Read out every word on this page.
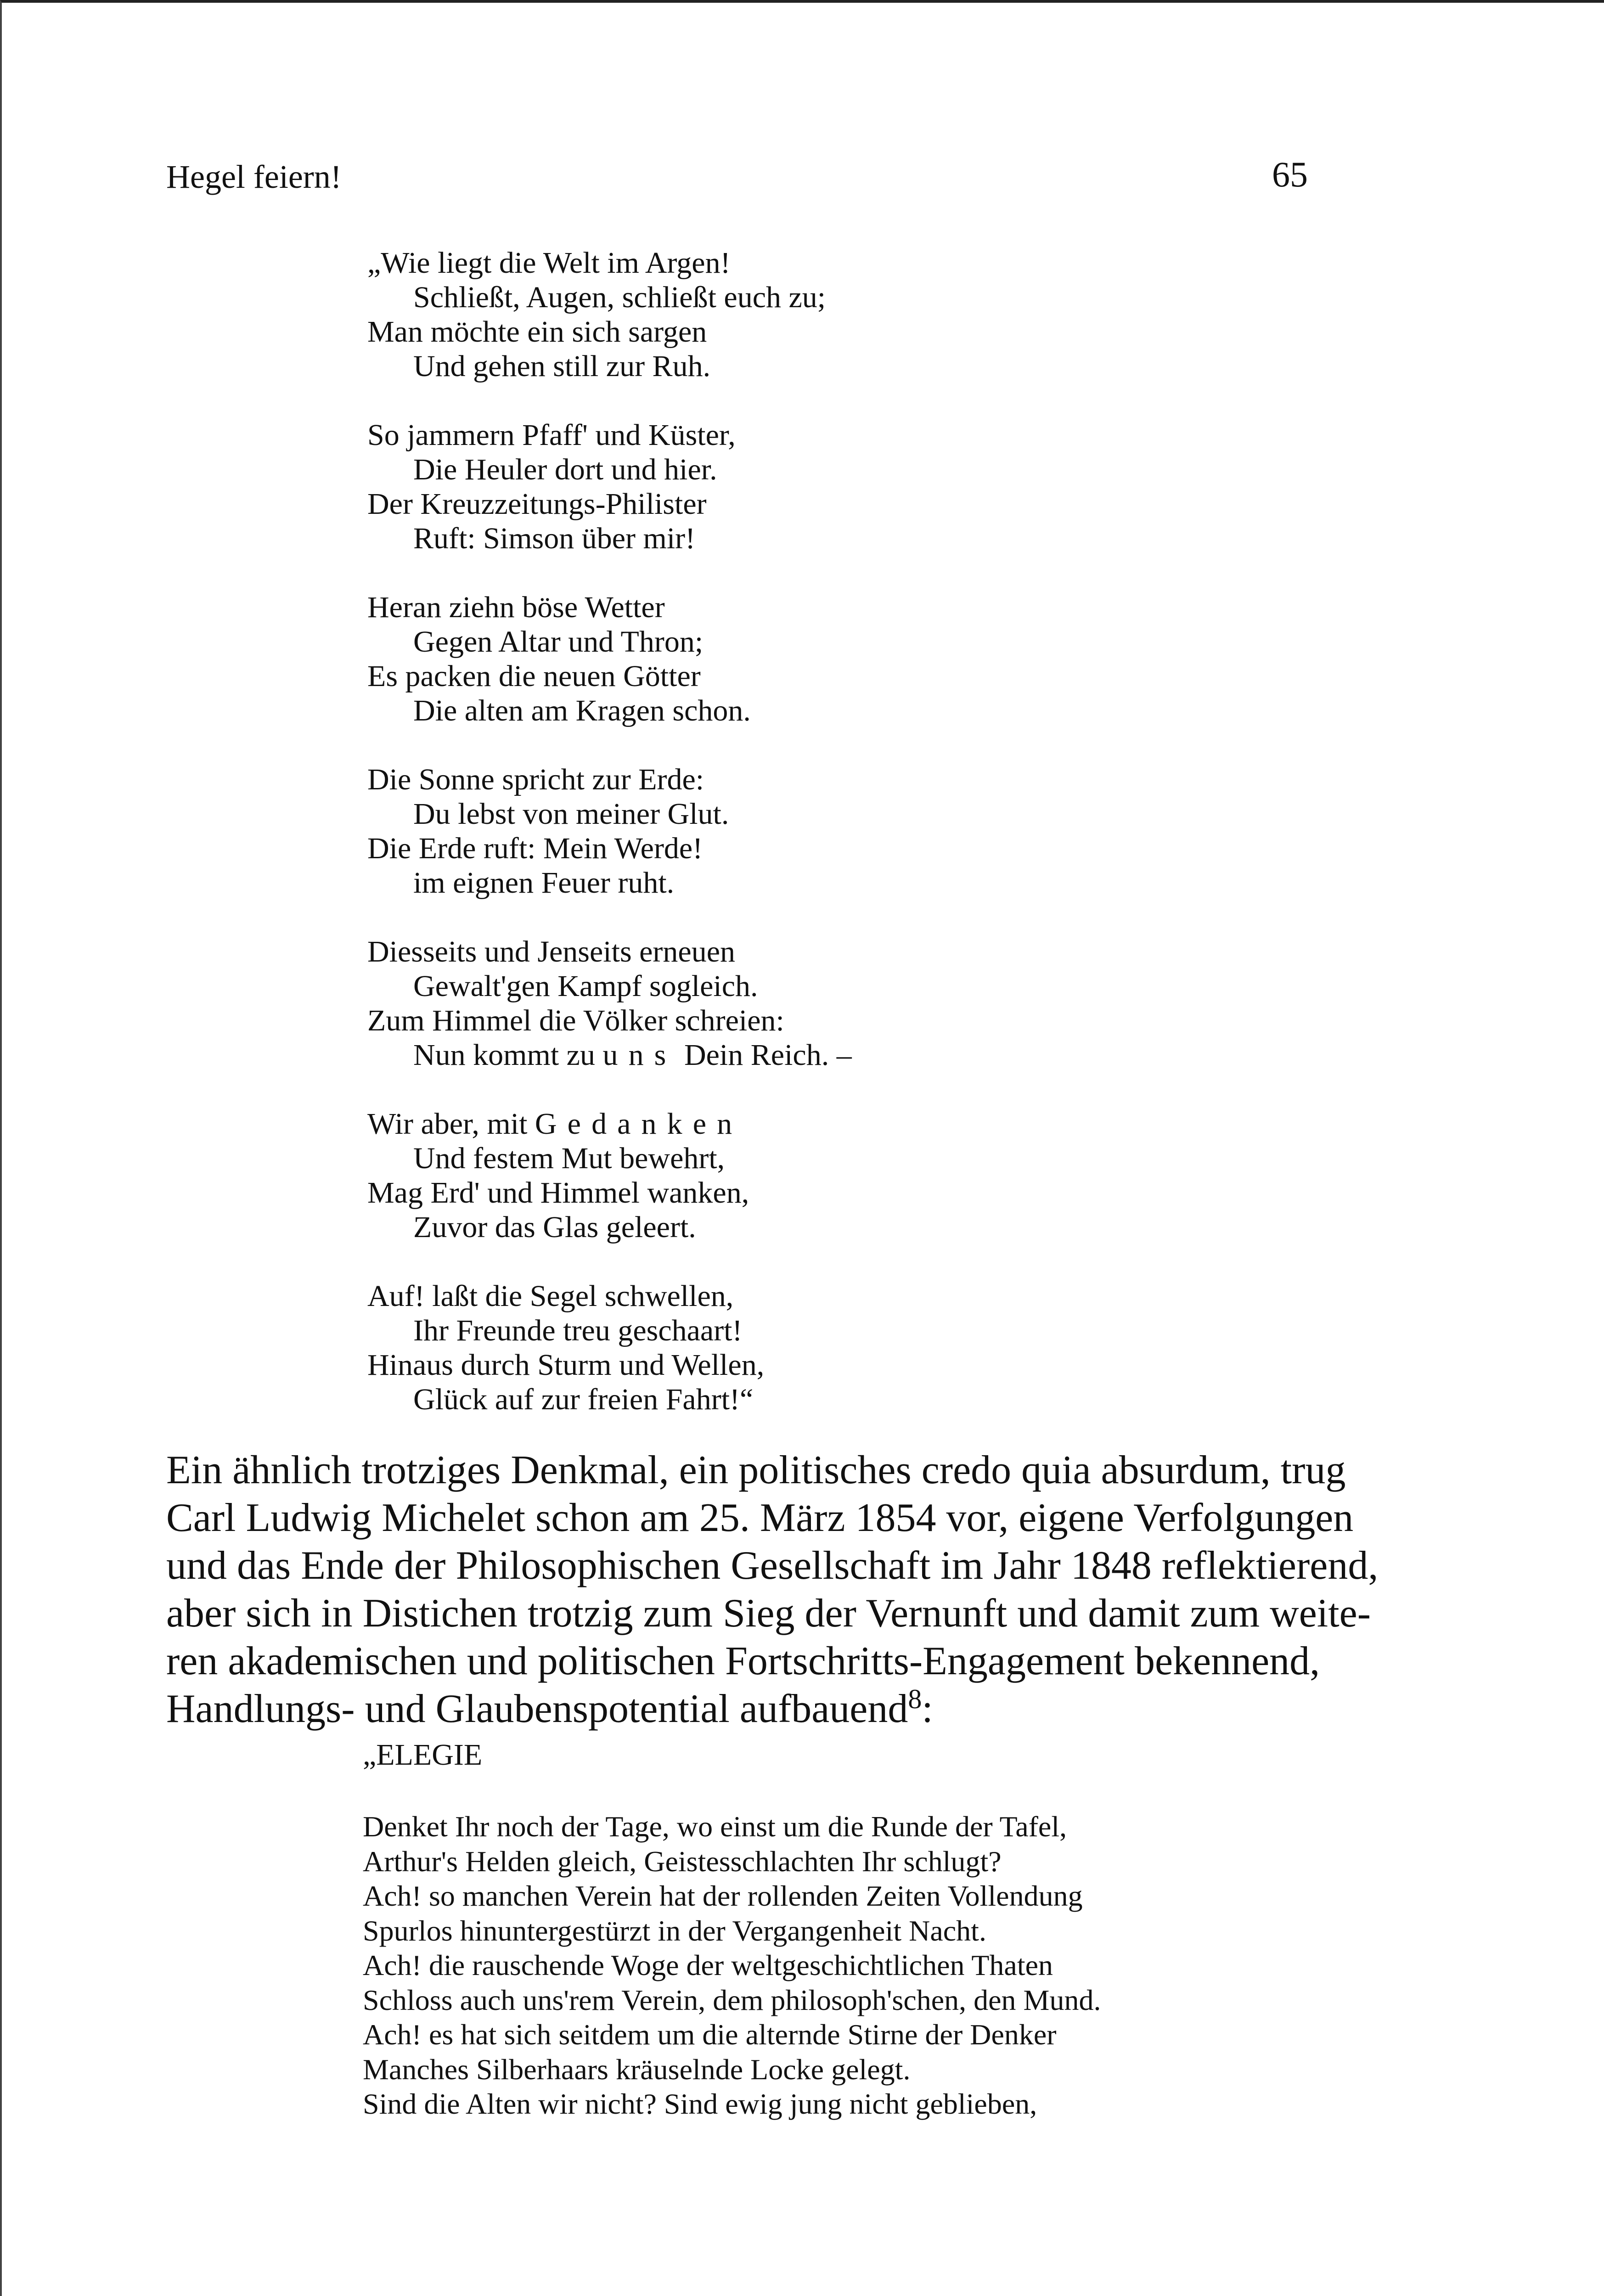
Hegel feiern!	65
„Wie liegt die Welt im Argen!
Schließt, Augen, schließt euch zu;
Man möchte ein sich sargen
Und gehen still zur Ruh.
So jammern Pfaff' und Küster,
Die Heuler dort und hier.
Der Kreuzzeitungs-Philister
Ruft: Simson über mir!
Heran ziehn böse Wetter
Gegen Altar und Thron;
Es packen die neuen Götter
Die alten am Kragen schon.
Die Sonne spricht zur Erde:
Du lebst von meiner Glut.
Die Erde ruft: Mein Werde!
im eignen Feuer ruht.
Diesseits und Jenseits erneuen
Gewalt'gen Kampf sogleich.
Zum Himmel die Völker schreien:
Nun kommt zu uns Dein Reich. –
Wir aber, mit Gedanken
Und festem Mut bewehrt,
Mag Erd' und Himmel wanken,
Zuvor das Glas geleert.
Auf! laßt die Segel schwellen,
Ihr Freunde treu geschaart!
Hinaus durch Sturm und Wellen,
Glück auf zur freien Fahrt!“
Ein ähnlich trotziges Denkmal, ein politisches credo quia absurdum, trug
Carl Ludwig Michelet schon am 25. März 1854 vor, eigene Verfolgungen
und das Ende der Philosophischen Gesellschaft im Jahr 1848 reflektierend,
aber sich in Distichen trotzig zum Sieg der Vernunft und damit zum weite-
ren akademischen und politischen Fortschritts-Engagement bekennend,
Handlungs- und Glaubenspotential aufbauend$^8$:
„ELEGIE
Denket Ihr noch der Tage, wo einst um die Runde der Tafel,
Arthur's Helden gleich, Geistesschlachten Ihr schlugt?
Ach! so manchen Verein hat der rollenden Zeiten Vollendung
Spurlos hinuntergestürzt in der Vergangenheit Nacht.
Ach! die rauschende Woge der weltgeschichtlichen Thaten
Schloss auch uns'rem Verein, dem philosoph'schen, den Mund.
Ach! es hat sich seitdem um die alternde Stirne der Denker
Manches Silberhaars kräuselnde Locke gelegt.
Sind die Alten wir nicht? Sind ewig jung nicht geblieben,
